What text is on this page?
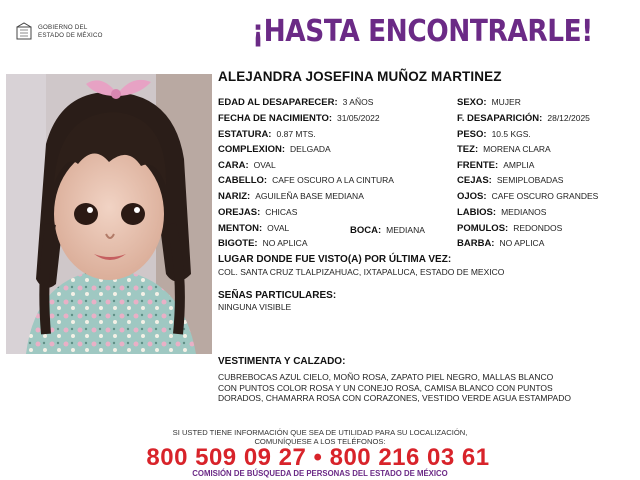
GOBIERNO DEL
ESTADO DE MÉXICO	¡HASTA ENCONTRARLE!
ALEJANDRA JOSEFINA MUÑOZ MARTINEZ
EDAD AL DESAPARECER: 3 AÑOS
FECHA DE NACIMIENTO: 31/05/2022
ESTATURA: 0.87 MTS.
COMPLEXION: DELGADA
CARA: OVAL
CABELLO: CAFE OSCURO A LA CINTURA
NARIZ: AGUILEÑA BASE MEDIANA
OREJAS: CHICAS
MENTON: OVAL
BIGOTE: NO APLICA
BOCA: MEDIANA
SEXO: MUJER
F. DESAPARICIÓN: 28/12/2025
PESO: 10.5 KGS.
TEZ: MORENA CLARA
FRENTE: AMPLIA
CEJAS: SEMIPLOBADAS
OJOS: CAFE OSCURO GRANDES
LABIOS: MEDIANOS
POMULOS: REDONDOS
BARBA: NO APLICA
LUGAR DONDE FUE VISTO(A) POR ÚLTIMA VEZ:
COL. SANTA CRUZ TLALPIZAHUAC, IXTAPALUCA, ESTADO DE MEXICO
SEÑAS PARTICULARES:
NINGUNA VISIBLE
VESTIMENTA Y CALZADO:
CUBREBOCAS AZUL CIELO, MOÑO ROSA, ZAPATO PIEL NEGRO, MALLAS BLANCO
CON PUNTOS COLOR ROSA Y UN CONEJO ROSA, CAMISA BLANCO CON PUNTOS
DORADOS, CHAMARRA ROSA CON CORAZONES, VESTIDO VERDE AGUA ESTAMPADO
SI USTED TIENE INFORMACIÓN QUE SEA DE UTILIDAD PARA SU LOCALIZACIÓN,
COMUNÍQUESE A LOS TELÉFONOS:
800 509 09 27 • 800 216 03 61
COMISIÓN DE BÚSQUEDA DE PERSONAS DEL ESTADO DE MÉXICO
